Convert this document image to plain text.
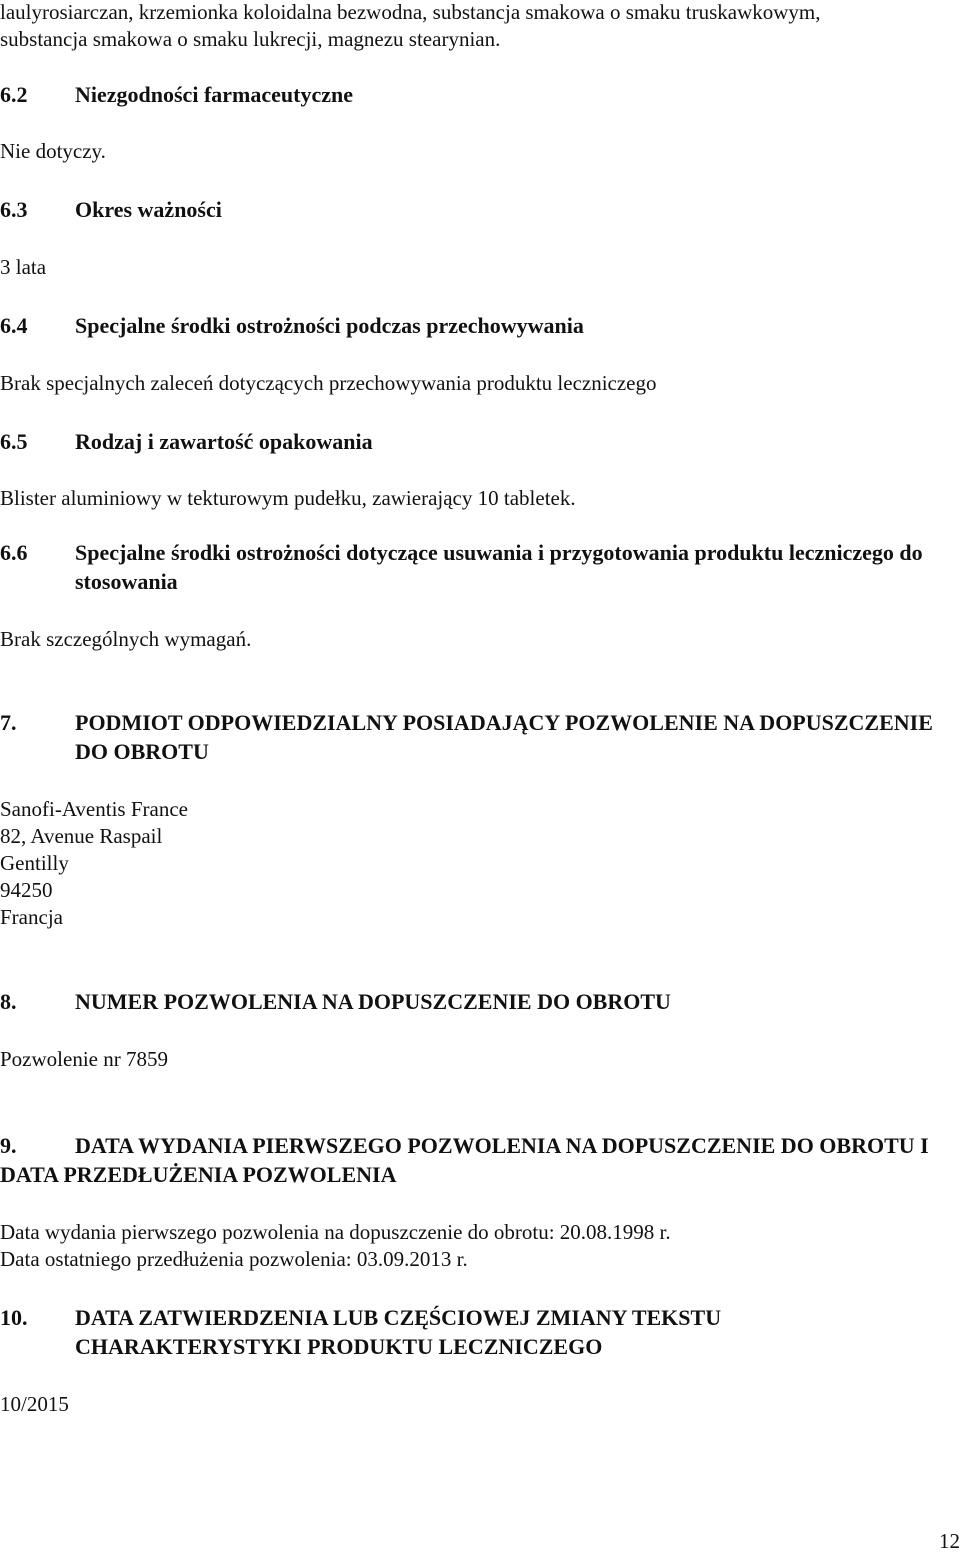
laulyrosiarczan, krzemionka koloidalna bezwodna, substancja smakowa o smaku truskawkowym,
substancja smakowa o smaku lukrecji, magnezu stearynian.
6.2 Niezgodności farmaceutyczne
Nie dotyczy.
6.3 Okres ważności
3 lata
6.4 Specjalne środki ostrożności podczas przechowywania
Brak specjalnych zaleceń dotyczących przechowywania produktu leczniczego
6.5 Rodzaj i zawartość opakowania
Blister aluminiowy w tekturowym pudełku, zawierający 10 tabletek.
6.6 Specjalne środki ostrożności dotyczące usuwania i przygotowania produktu leczniczego do stosowania
Brak szczególnych wymagań.
7.	PODMIOT ODPOWIEDZIALNY POSIADAJĄCY POZWOLENIE NA DOPUSZCZENIE DO OBROTU
Sanofi-Aventis France
82, Avenue Raspail
Gentilly
94250
Francja
8.	NUMER POZWOLENIA NA DOPUSZCZENIE DO OBROTU
Pozwolenie nr 7859
9.	DATA WYDANIA PIERWSZEGO POZWOLENIA NA DOPUSZCZENIE DO OBROTU I DATA PRZEDŁUŻENIA POZWOLENIA
Data wydania pierwszego pozwolenia na dopuszczenie do obrotu: 20.08.1998 r.
Data ostatniego przedłużenia pozwolenia: 03.09.2013 r.
10. DATA ZATWIERDZENIA LUB CZĘŚCIOWEJ ZMIANY TEKSTU CHARAKTERYSTYKI PRODUKTU LECZNICZEGO
10/2015
12
